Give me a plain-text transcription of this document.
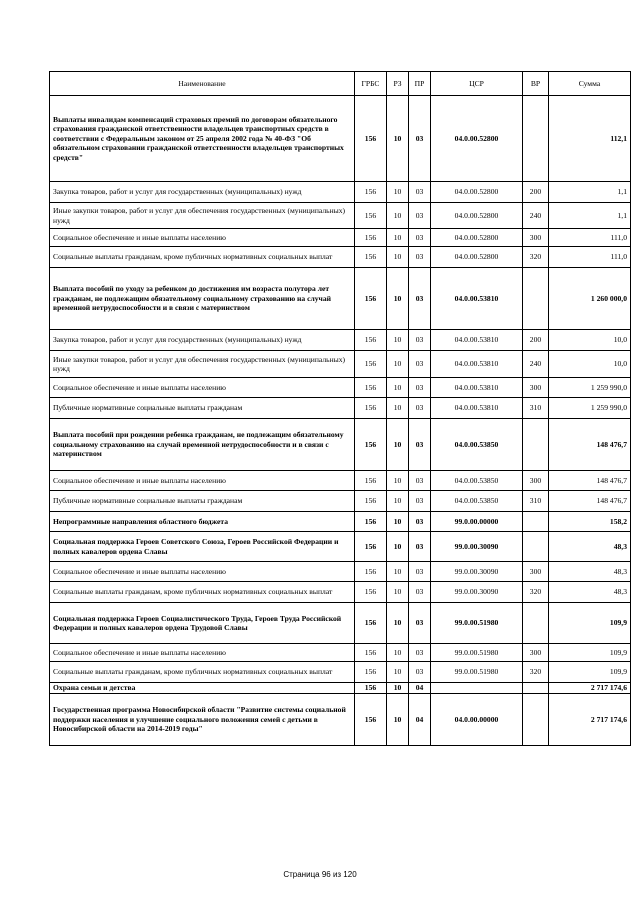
Наименование	ГРБС	РЗ	ПР	ЦСР	ВР	Сумма
Выплаты инвалидам компенсаций страховых премий по договорам обязательного страхования гражданской ответственности владельцев транспортных средств в соответствии с Федеральным законом от 25 апреля 2002 года № 40-ФЗ "Об обязательном страховании гражданской ответственности владельцев транспортных средств"	156	10	03	04.0.00.52800		112,1
Закупка товаров, работ и услуг для государственных (муниципальных) нужд	156	10	03	04.0.00.52800	200	1,1
Иные закупки товаров, работ и услуг для обеспечения государственных (муниципальных) нужд	156	10	03	04.0.00.52800	240	1,1
Социальное обеспечение и иные выплаты населению	156	10	03	04.0.00.52800	300	111,0
Социальные выплаты гражданам, кроме публичных нормативных социальных выплат	156	10	03	04.0.00.52800	320	111,0
Выплата пособий по уходу за ребенком до достижения им возраста полутора лет гражданам, не подлежащим обязательному социальному страхованию на случай временной нетрудоспособности и в связи с материнством	156	10	03	04.0.00.53810		1 260 000,0
Закупка товаров, работ и услуг для государственных (муниципальных) нужд	156	10	03	04.0.00.53810	200	10,0
Иные закупки товаров, работ и услуг для обеспечения государственных (муниципальных) нужд	156	10	03	04.0.00.53810	240	10,0
Социальное обеспечение и иные выплаты населению	156	10	03	04.0.00.53810	300	1 259 990,0
Публичные нормативные социальные выплаты гражданам	156	10	03	04.0.00.53810	310	1 259 990,0
Выплата пособий при рождении ребенка гражданам, не подлежащим обязательному социальному страхованию на случай временной нетрудоспособности и в связи с материнством	156	10	03	04.0.00.53850		148 476,7
Социальное обеспечение и иные выплаты населению	156	10	03	04.0.00.53850	300	148 476,7
Публичные нормативные социальные выплаты гражданам	156	10	03	04.0.00.53850	310	148 476,7
Непрограммные направления областного бюджета	156	10	03	99.0.00.00000		158,2
Социальная поддержка Героев Советского Союза, Героев Российской Федерации и полных кавалеров ордена Славы	156	10	03	99.0.00.30090		48,3
Социальное обеспечение и иные выплаты населению	156	10	03	99.0.00.30090	300	48,3
Социальные выплаты гражданам, кроме публичных нормативных социальных выплат	156	10	03	99.0.00.30090	320	48,3
Социальная поддержка Героев Социалистического Труда, Героев Труда Российской Федерации и полных кавалеров ордена Трудовой Славы	156	10	03	99.0.00.51980		109,9
Социальное обеспечение и иные выплаты населению	156	10	03	99.0.00.51980	300	109,9
Социальные выплаты гражданам, кроме публичных нормативных социальных выплат	156	10	03	99.0.00.51980	320	109,9
Охрана семьи и детства	156	10	04			2 717 174,6
Государственная программа Новосибирской области "Развитие системы социальной поддержки населения и улучшение социального положения семей с детьми в Новосибирской области на 2014-2019 годы"	156	10	04	04.0.00.00000		2 717 174,6
Страница 96 из 120
